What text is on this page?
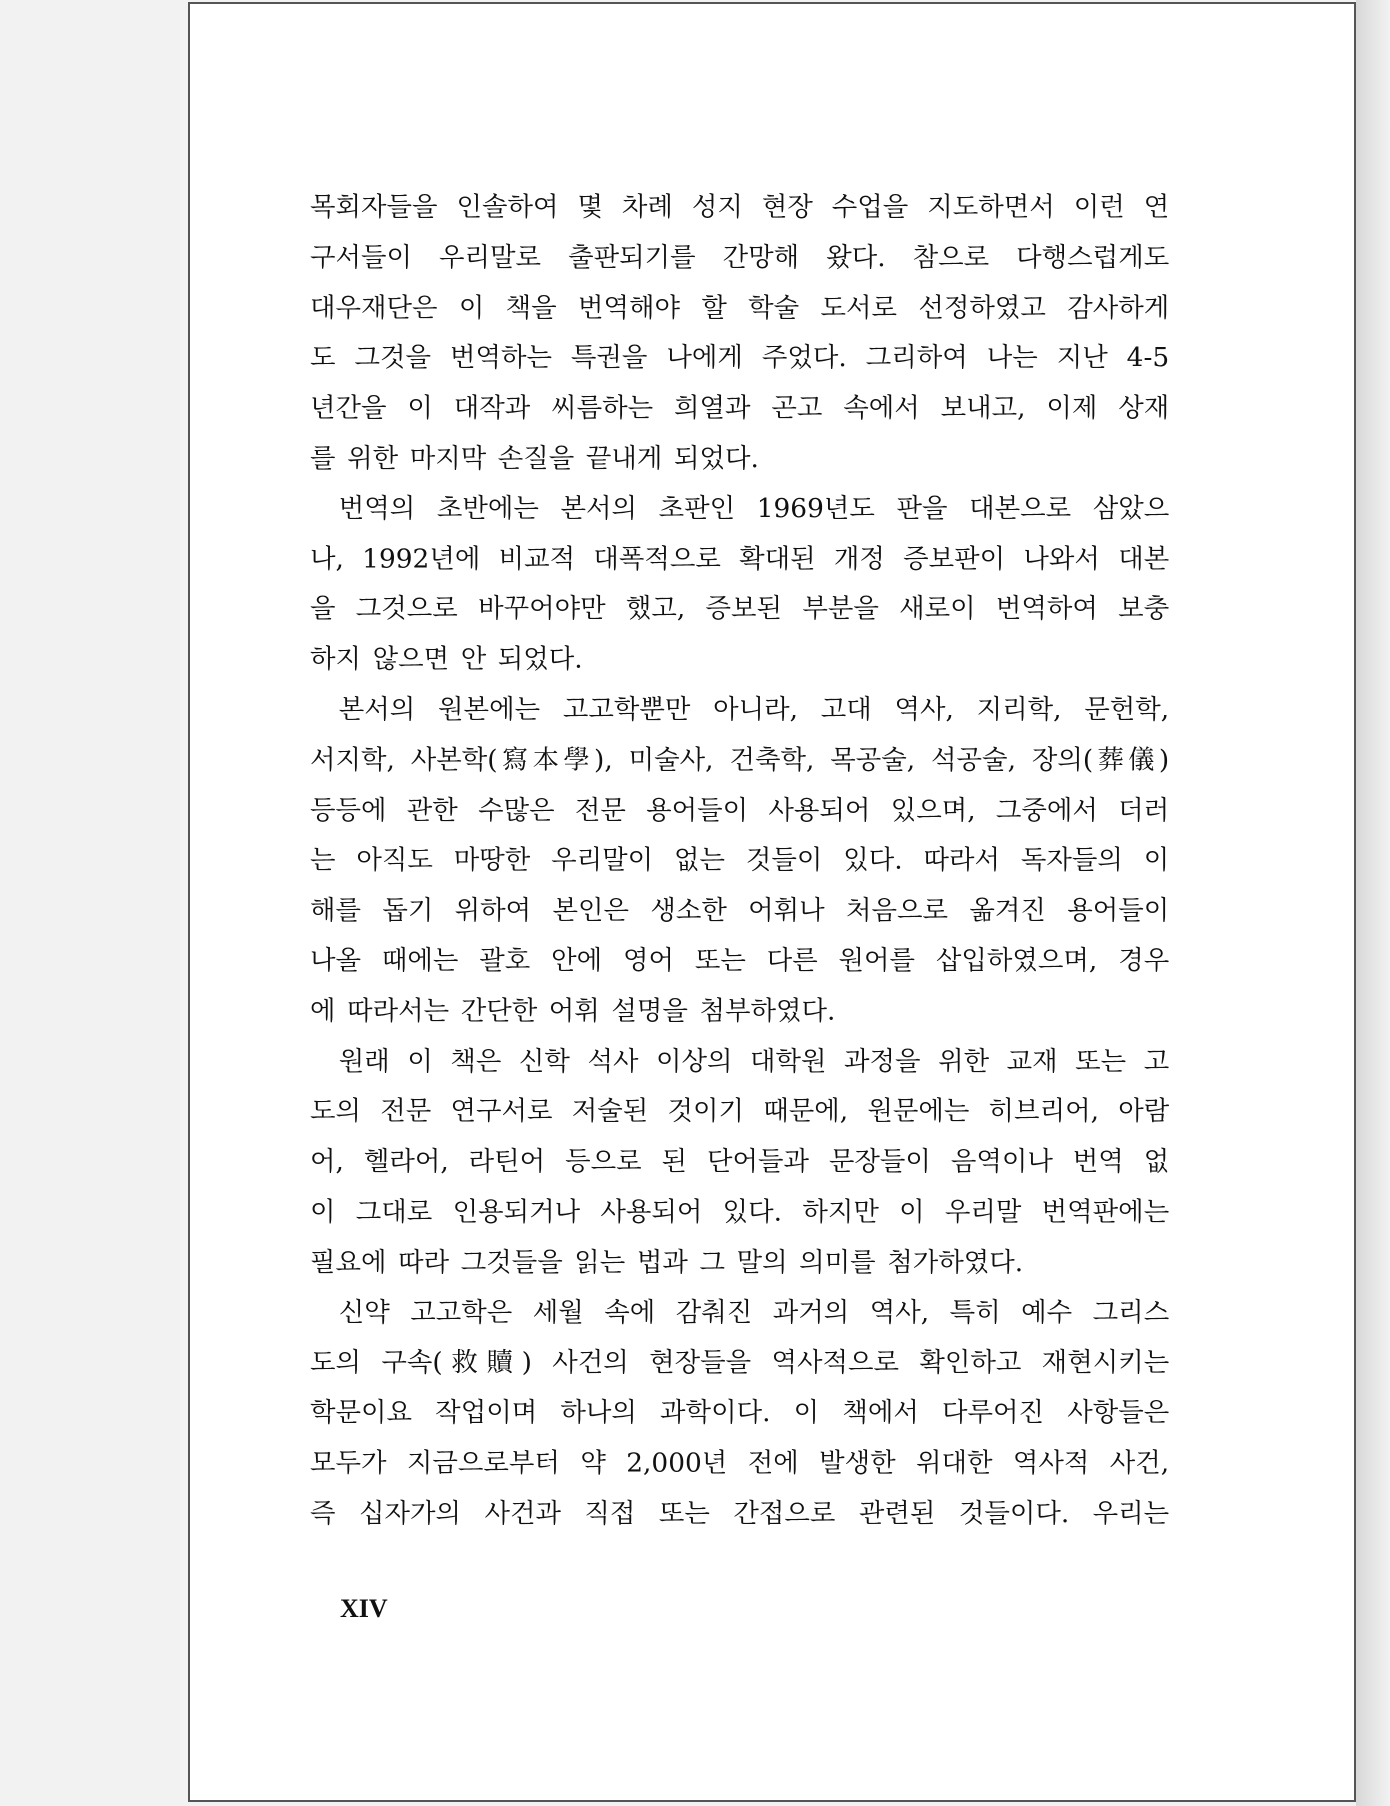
목회자들을 인솔하여 몇 차례 성지 현장 수업을 지도하면서 이런 연
구서들이 우리말로 출판되기를 간망해 왔다. 참으로 다행스럽게도
대우재단은 이 책을 번역해야 할 학술 도서로 선정하였고 감사하게
도 그것을 번역하는 특권을 나에게 주었다. 그리하여 나는 지난 4-5
년간을 이 대작과 씨름하는 희열과 곤고 속에서 보내고, 이제 상재
를 위한 마지막 손질을 끝내게 되었다.
번역의 초반에는 본서의 초판인 1969년도 판을 대본으로 삼았으
나, 1992년에 비교적 대폭적으로 확대된 개정 증보판이 나와서 대본
을 그것으로 바꾸어야만 했고, 증보된 부분을 새로이 번역하여 보충
하지 않으면 안 되었다.
본서의 원본에는 고고학뿐만 아니라, 고대 역사, 지리학, 문헌학,
서지학, 사본학(寫本學), 미술사, 건축학, 목공술, 석공술, 장의(葬儀)
등등에 관한 수많은 전문 용어들이 사용되어 있으며, 그중에서 더러
는 아직도 마땅한 우리말이 없는 것들이 있다. 따라서 독자들의 이
해를 돕기 위하여 본인은 생소한 어휘나 처음으로 옮겨진 용어들이
나올 때에는 괄호 안에 영어 또는 다른 원어를 삽입하였으며, 경우
에 따라서는 간단한 어휘 설명을 첨부하였다.
원래 이 책은 신학 석사 이상의 대학원 과정을 위한 교재 또는 고
도의 전문 연구서로 저술된 것이기 때문에, 원문에는 히브리어, 아람
어, 헬라어, 라틴어 등으로 된 단어들과 문장들이 음역이나 번역 없
이 그대로 인용되거나 사용되어 있다. 하지만 이 우리말 번역판에는
필요에 따라 그것들을 읽는 법과 그 말의 의미를 첨가하였다.
신약 고고학은 세월 속에 감춰진 과거의 역사, 특히 예수 그리스
도의 구속(救贖) 사건의 현장들을 역사적으로 확인하고 재현시키는
학문이요 작업이며 하나의 과학이다. 이 책에서 다루어진 사항들은
모두가 지금으로부터 약 2,000년 전에 발생한 위대한 역사적 사건,
즉 십자가의 사건과 직접 또는 간접으로 관련된 것들이다. 우리는
XIV
